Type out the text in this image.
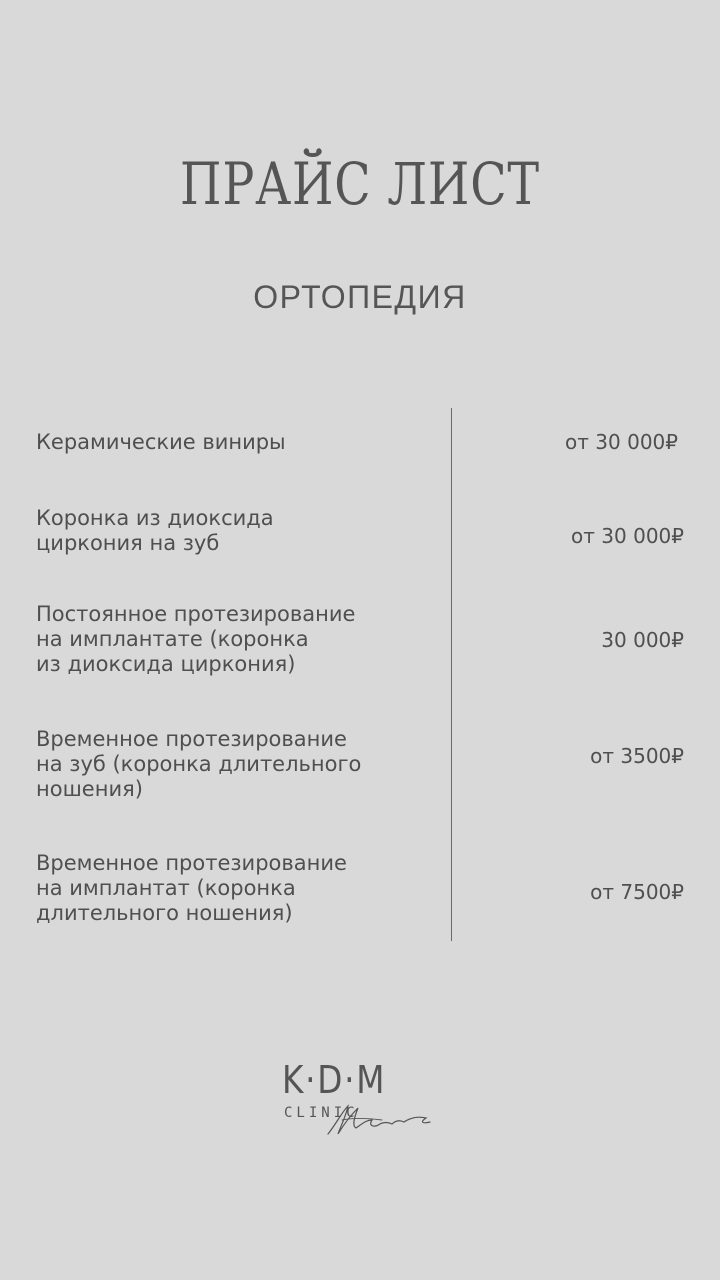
ПРАЙС ЛИСТ
ОРТОПЕДИЯ
Керамические виниры	от 30 000₽
Коронка из диоксида
циркония на зуб	от 30 000₽
Постоянное протезирование
на имплантате (коронка
из диоксида циркония)
30 000₽
Временное протезирование
на зуб (коронка длительного
ношения)
от 3500₽
Временное протезирование
на имплантат (коронка
длительного ношения)
от 7500₽
K·D·M
CLINIC
